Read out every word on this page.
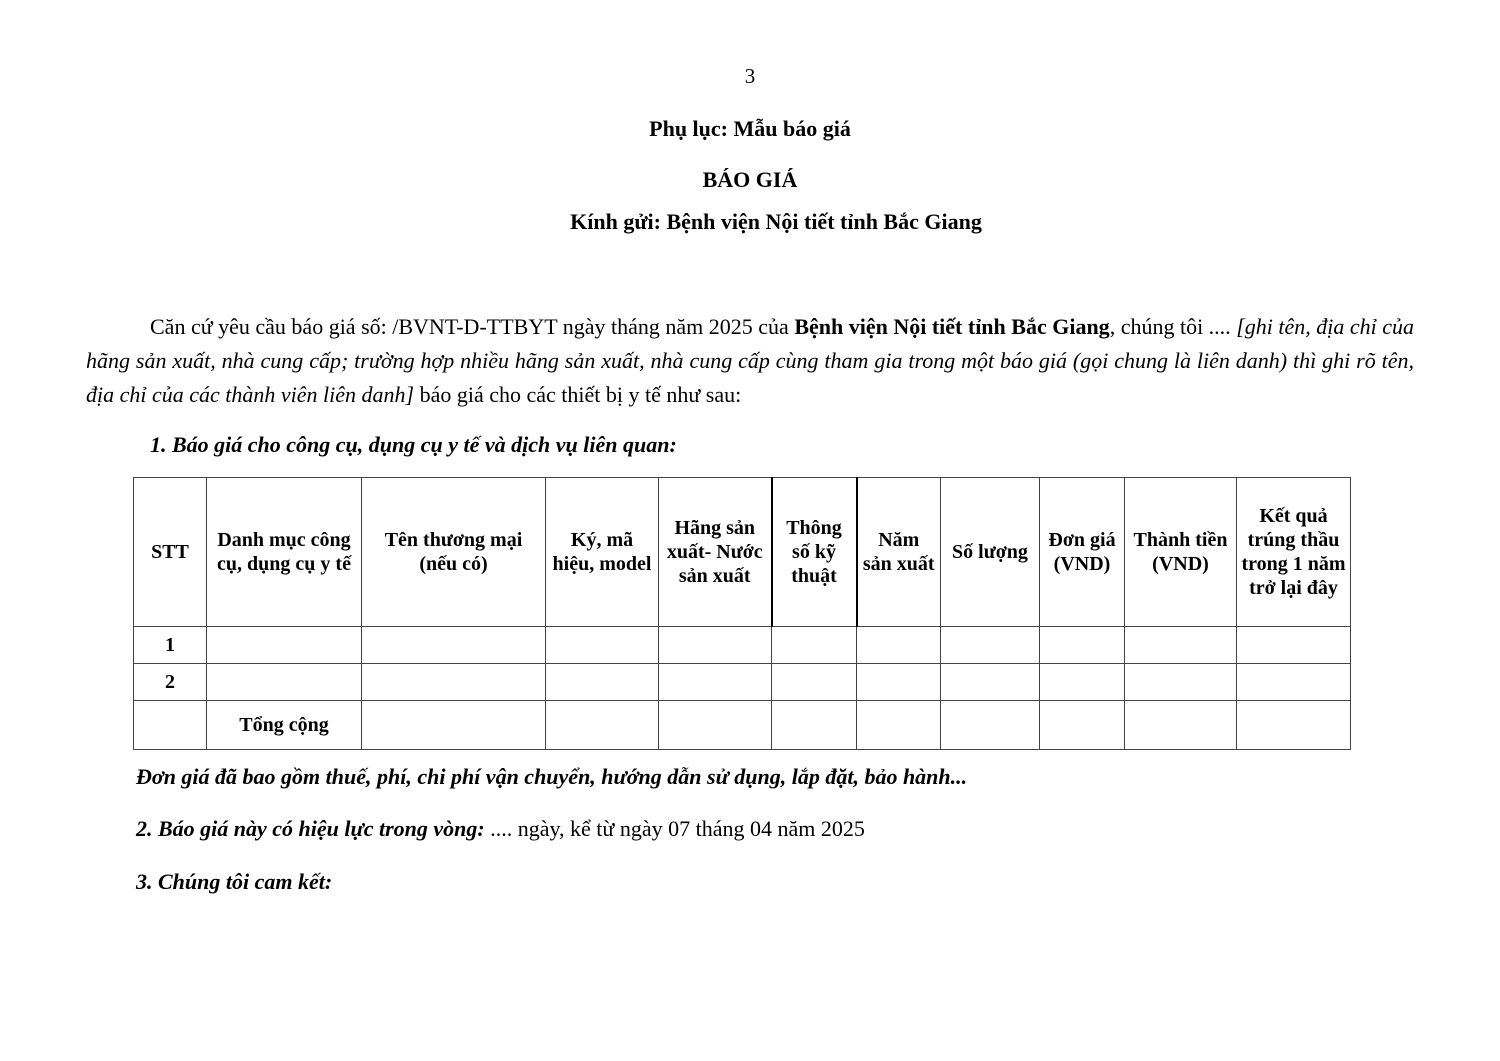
3
Phụ lục: Mẫu báo giá
BÁO GIÁ
Kính gửi: Bệnh viện Nội tiết tỉnh Bắc Giang
Căn cứ yêu cầu báo giá số: /BVNT-D-TTBYT ngày tháng năm 2025 của Bệnh viện Nội tiết tỉnh Bắc Giang, chúng tôi .... [ghi tên, địa chỉ của hãng sản xuất, nhà cung cấp; trường hợp nhiều hãng sản xuất, nhà cung cấp cùng tham gia trong một báo giá (gọi chung là liên danh) thì ghi rõ tên, địa chỉ của các thành viên liên danh] báo giá cho các thiết bị y tế như sau:
1. Báo giá cho công cụ, dụng cụ y tế và dịch vụ liên quan:
STT	Danh mục công cụ, dụng cụ y tế	Tên thương mại (nếu có)	Ký, mã hiệu, model	Hãng sản xuất- Nước sản xuất	Thông số kỹ thuật	Năm sản xuất	Số lượng	Đơn giá (VND)	Thành tiền (VND)	Kết quả trúng thầu trong 1 năm trở lại đây
1										
2										
	Tổng cộng									
Đơn giá đã bao gồm thuế, phí, chi phí vận chuyển, hướng dẫn sử dụng, lắp đặt, bảo hành...
2. Báo giá này có hiệu lực trong vòng: .... ngày, kể từ ngày 07 tháng 04 năm 2025
3. Chúng tôi cam kết:
